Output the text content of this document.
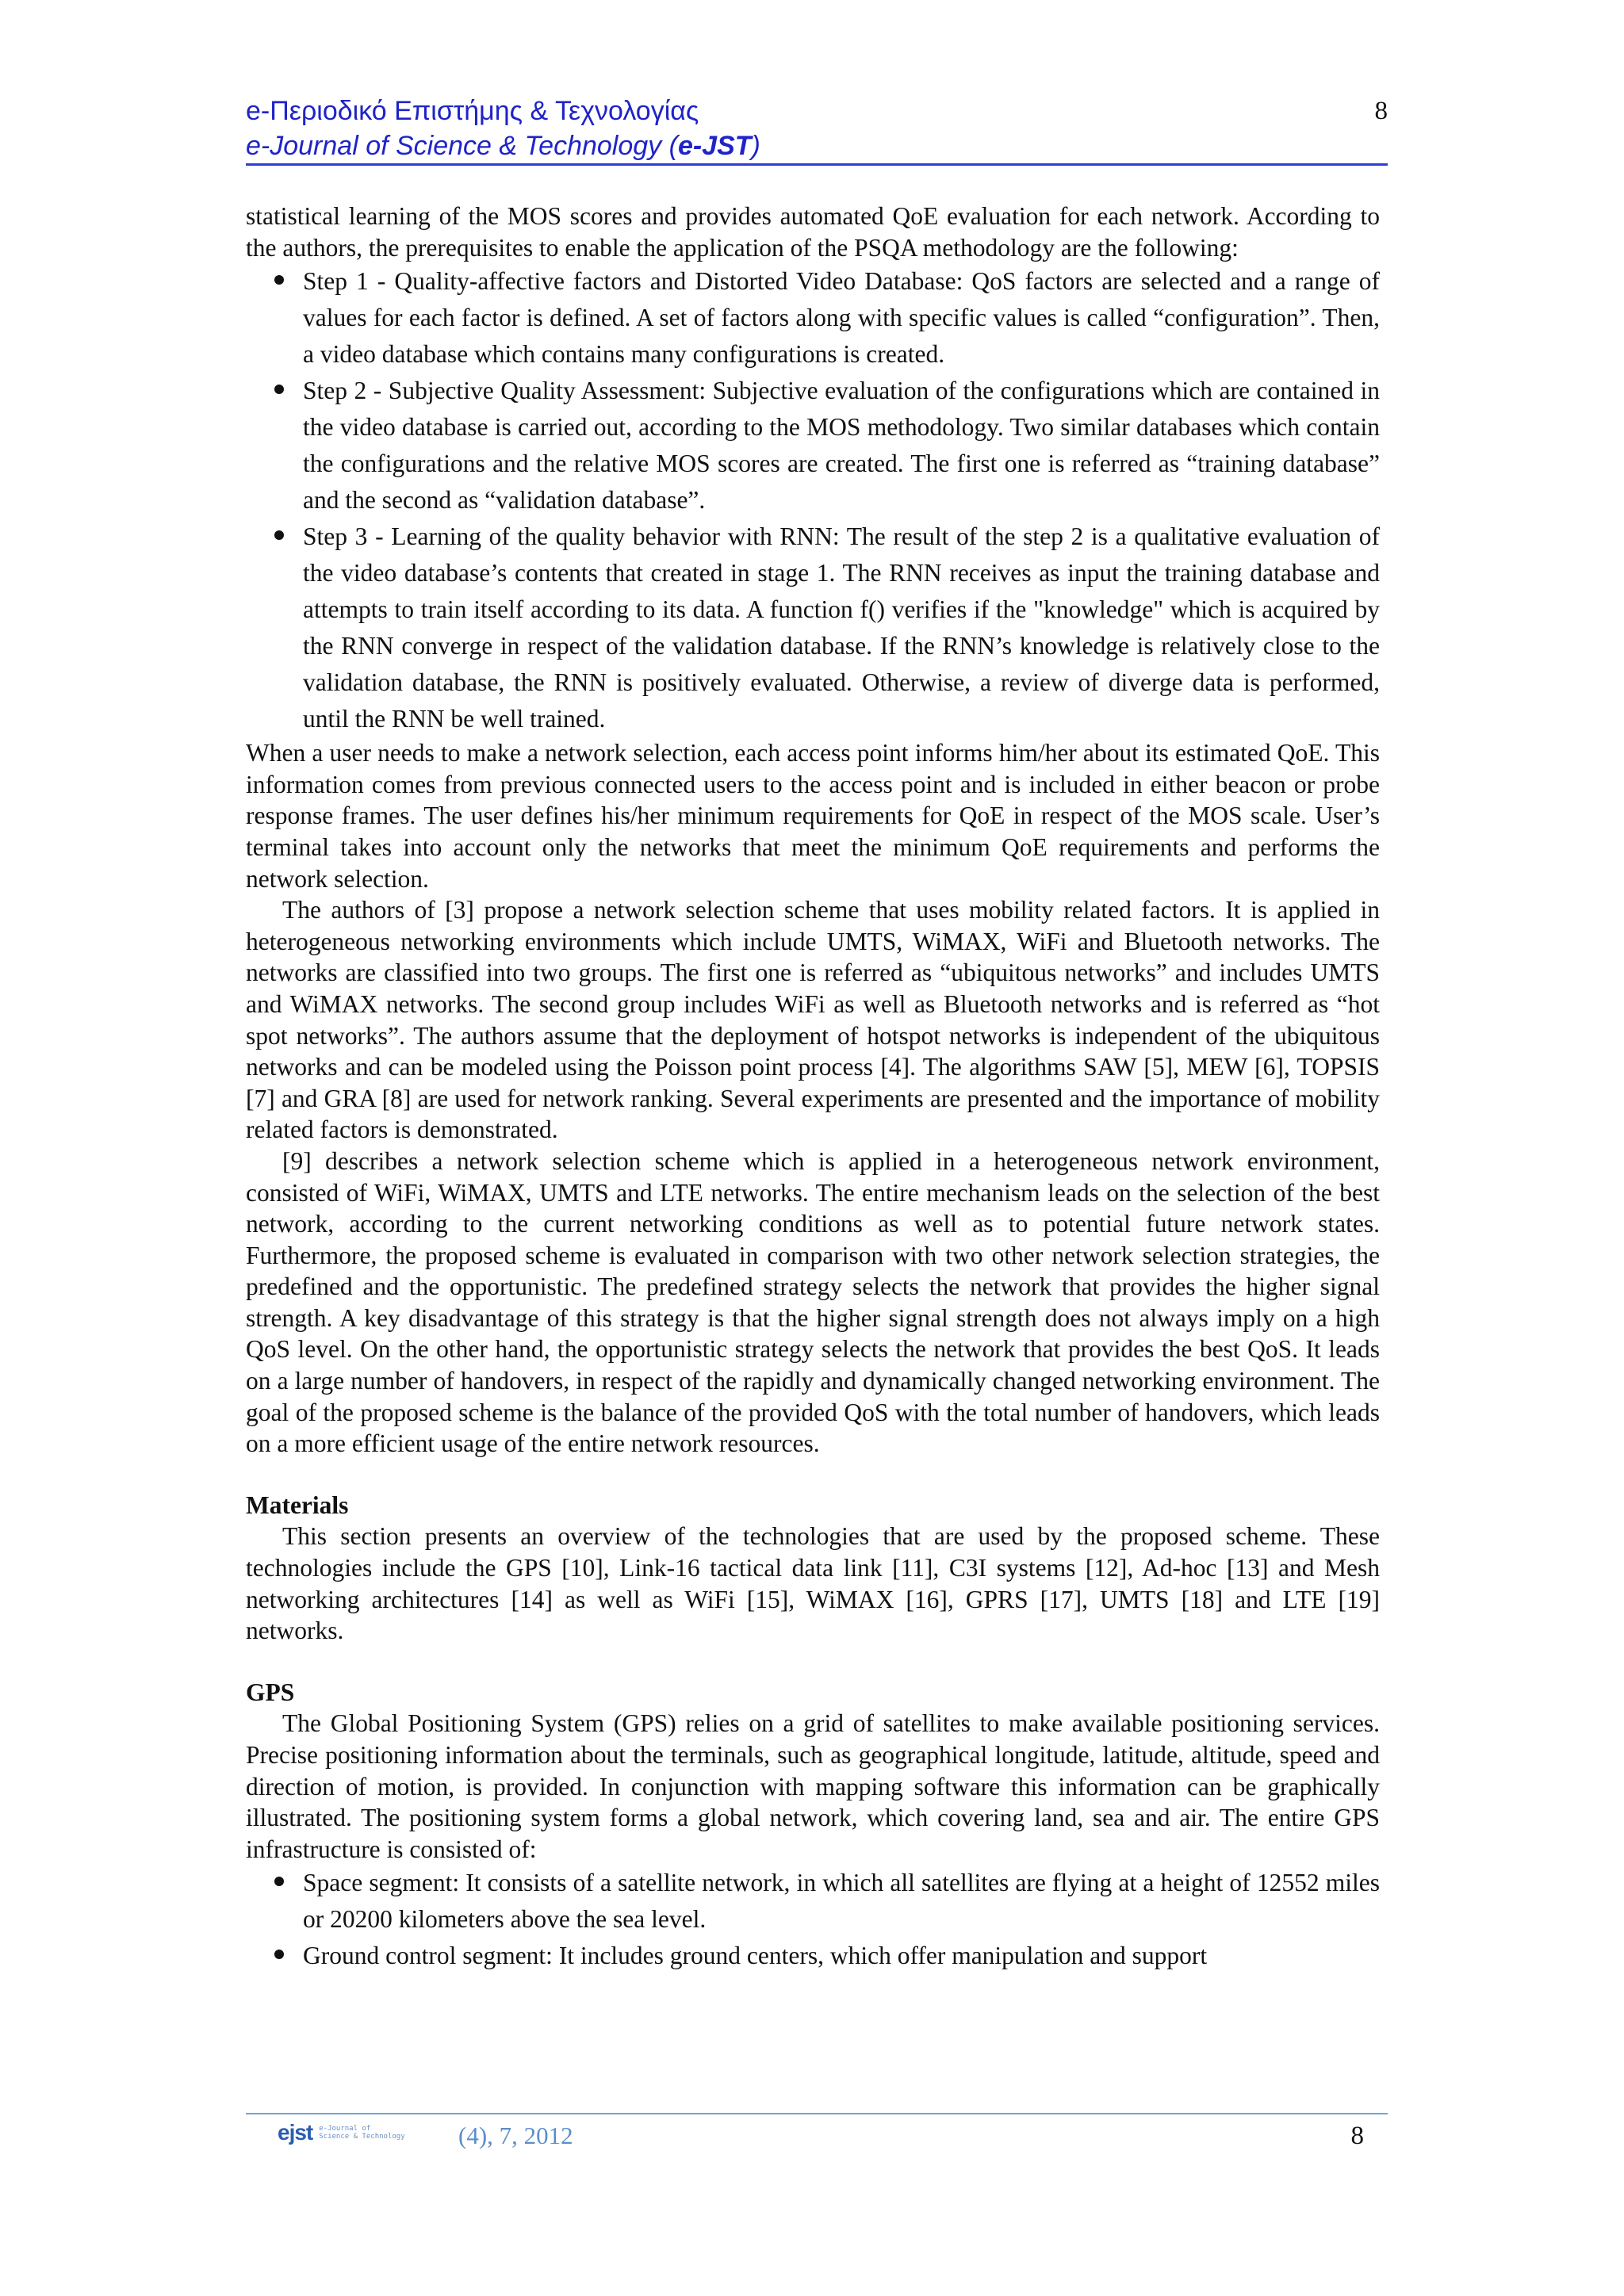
e-Περιοδικό Επιστήμης & Τεχνολογίας
e-Journal of Science & Technology (e-JST)
8

statistical learning of the MOS scores and provides automated QoE evaluation for each network. According to the authors, the prerequisites to enable the application of the PSQA methodology are the following:

Step 1 - Quality-affective factors and Distorted Video Database: QoS factors are selected and a range of values for each factor is defined. A set of factors along with specific values is called “configuration”. Then, a video database which contains many configurations is created.
Step 2 - Subjective Quality Assessment: Subjective evaluation of the configurations which are contained in the video database is carried out, according to the MOS methodology. Two similar databases which contain the configurations and the relative MOS scores are created. The first one is referred as “training database” and the second as “validation database”.
Step 3 - Learning of the quality behavior with RNN: The result of the step 2 is a qualitative evaluation of the video database’s contents that created in stage 1. The RNN receives as input the training database and attempts to train itself according to its data. A function f() verifies if the "knowledge" which is acquired by the RNN converge in respect of the validation database. If the RNN’s knowledge is relatively close to the validation database, the RNN is positively evaluated. Otherwise, a review of diverge data is performed, until the RNN be well trained.

When a user needs to make a network selection, each access point informs him/her about its estimated QoE. This information comes from previous connected users to the access point and is included in either beacon or probe response frames. The user defines his/her minimum requirements for QoE in respect of the MOS scale. User’s terminal takes into account only the networks that meet the minimum QoE requirements and performs the network selection.

The authors of [3] propose a network selection scheme that uses mobility related factors. It is applied in heterogeneous networking environments which include UMTS, WiMAX, WiFi and Bluetooth networks. The networks are classified into two groups. The first one is referred as “ubiquitous networks” and includes UMTS and WiMAX networks. The second group includes WiFi as well as Bluetooth networks and is referred as “hot spot networks”. The authors assume that the deployment of hotspot networks is independent of the ubiquitous networks and can be modeled using the Poisson point process [4]. The algorithms SAW [5], MEW [6], TOPSIS [7] and GRA [8] are used for network ranking. Several experiments are presented and the importance of mobility related factors is demonstrated.

[9] describes a network selection scheme which is applied in a heterogeneous network environment, consisted of WiFi, WiMAX, UMTS and LTE networks. The entire mechanism leads on the selection of the best network, according to the current networking conditions as well as to potential future network states. Furthermore, the proposed scheme is evaluated in comparison with two other network selection strategies, the predefined and the opportunistic. The predefined strategy selects the network that provides the higher signal strength. A key disadvantage of this strategy is that the higher signal strength does not always imply on a high QoS level. On the other hand, the opportunistic strategy selects the network that provides the best QoS. It leads on a large number of handovers, in respect of the rapidly and dynamically changed networking environment. The goal of the proposed scheme is the balance of the provided QoS with the total number of handovers, which leads on a more efficient usage of the entire network resources.

Materials

This section presents an overview of the technologies that are used by the proposed scheme. These technologies include the GPS [10], Link-16 tactical data link [11], C3I systems [12], Ad-hoc [13] and Mesh networking architectures [14] as well as WiFi [15], WiMAX [16], GPRS [17], UMTS [18] and LTE [19] networks.

GPS

The Global Positioning System (GPS) relies on a grid of satellites to make available positioning services. Precise positioning information about the terminals, such as geographical longitude, latitude, altitude, speed and direction of motion, is provided. In conjunction with mapping software this information can be graphically illustrated. The positioning system forms a global network, which covering land, sea and air. The entire GPS infrastructure is consisted of:

Space segment: It consists of a satellite network, in which all satellites are flying at a height of 12552 miles or 20200 kilometers above the sea level.
Ground control segment: It includes ground centers, which offer manipulation and support
ejst e-Journal of
Science & Technology (4), 7, 2012	8
